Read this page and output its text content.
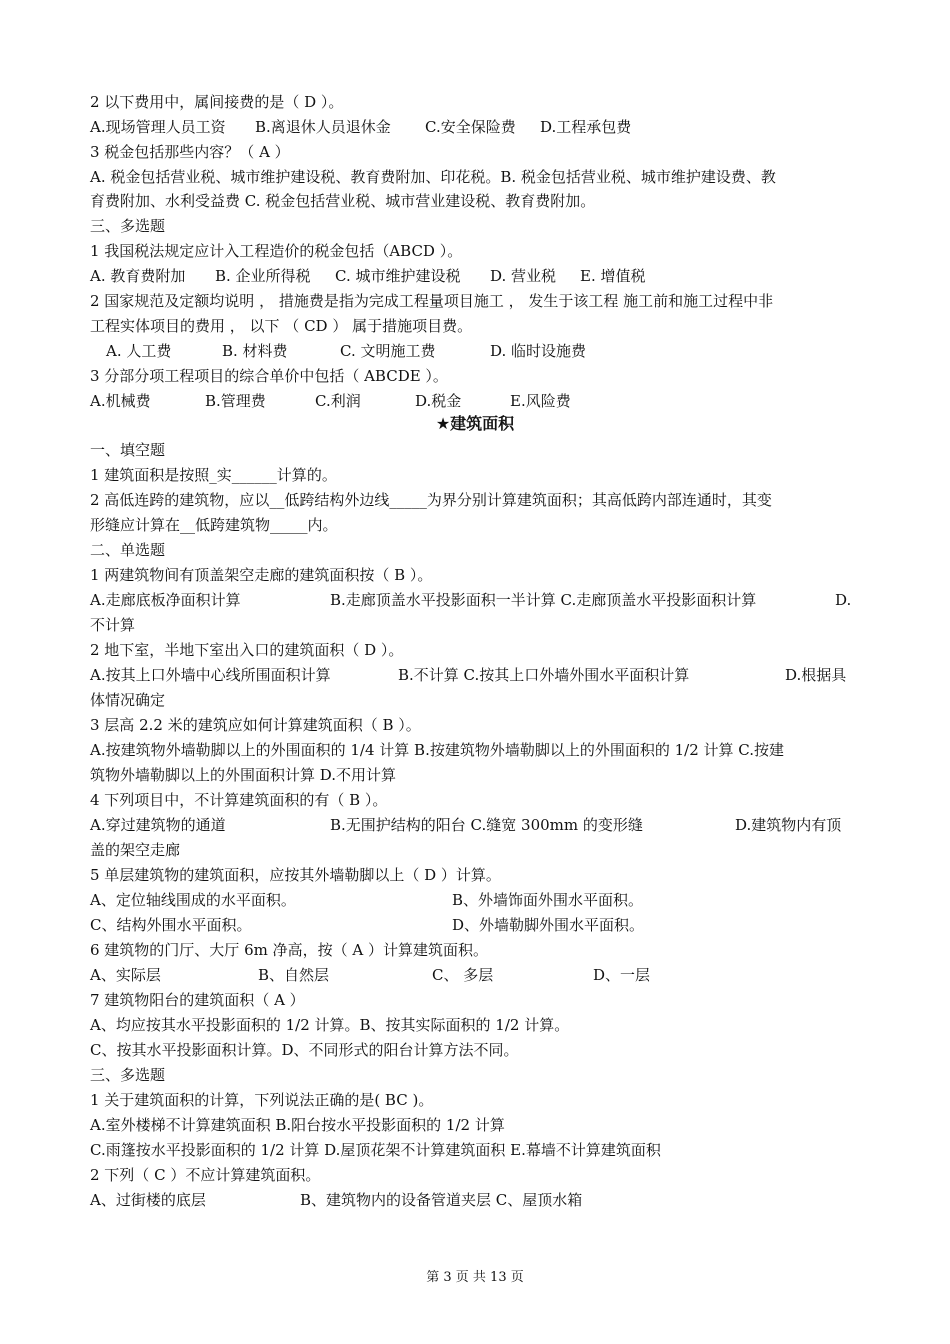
2 以下费用中，属间接费的是（ D ）。
A.现场管理人员工资 B.离退休人员退休金 C.安全保险费 D.工程承包费
3 税金包括那些内容？（ A ）
A. 税金包括营业税、城市维护建设税、教育费附加、印花税。B. 税金包括营业税、城市维护建设费、教
育费附加、水利受益费 C. 税金包括营业税、城市营业建设税、教育费附加。
三、多选题
1 我国税法规定应计入工程造价的税金包括（ABCD ）。
A. 教育费附加 B. 企业所得税 C. 城市维护建设税 D. 营业税 E. 增值税
2 国家规范及定额均说明 ， 措施费是指为完成工程量项目施工 ， 发生于该工程 施工前和施工过程中非
工程实体项目的费用 ， 以下 （ CD ） 属于措施项目费。
A. 人工费	B. 材料费	C. 文明施工费	D. 临时设施费
3 分部分项工程项目的综合单价中包括（ ABCDE ）。
A.机械费	B.管理费	C.利润	D.税金	E.风险费
★建筑面积
一、填空题
1 建筑面积是按照_实______计算的。
2 高低连跨的建筑物，应以__低跨结构外边线_____为界分别计算建筑面积；其高低跨内部连通时，其变
形缝应计算在__低跨建筑物_____内。
二、单选题
1 两建筑物间有顶盖架空走廊的建筑面积按（ B ）。
A.走廊底板净面积计算	B.走廊顶盖水平投影面积一半计算 C.走廊顶盖水平投影面积计算	D.
不计算
2 地下室，半地下室出入口的建筑面积（ D ）。
A.按其上口外墙中心线所围面积计算	B.不计算 C.按其上口外墙外围水平面积计算	D.根据具
体情况确定
3 层高 2.2 米的建筑应如何计算建筑面积（ B ）。
A.按建筑物外墙勒脚以上的外围面积的 1/4 计算 B.按建筑物外墙勒脚以上的外围面积的 1/2 计算 C.按建
筑物外墙勒脚以上的外围面积计算 D.不用计算
4 下列项目中，不计算建筑面积的有（ B ）。
A.穿过建筑物的通道	B.无围护结构的阳台 C.缝宽 300mm 的变形缝	D.建筑物内有顶
盖的架空走廊
5 单层建筑物的建筑面积，应按其外墙勒脚以上（ D ）计算。
A、定位轴线围成的水平面积。	B、外墙饰面外围水平面积。
C、结构外围水平面积。	D、外墙勒脚外围水平面积。
6 建筑物的门厅、大厅 6m 净高，按（ A ）计算建筑面积。
A、实际层	B、自然层	C、 多层	D、一层
7 建筑物阳台的建筑面积（ A ）
A、均应按其水平投影面积的 1/2 计算。B、按其实际面积的 1/2 计算。
C、按其水平投影面积计算。D、不同形式的阳台计算方法不同。
三、多选题
1 关于建筑面积的计算，下列说法正确的是( BC )。
A.室外楼梯不计算建筑面积 B.阳台按水平投影面积的 1/2 计算
C.雨篷按水平投影面积的 1/2 计算 D.屋顶花架不计算建筑面积 E.幕墙不计算建筑面积
2 下列（ C ）不应计算建筑面积。
A、过街楼的底层	B、建筑物内的设备管道夹层 C、屋顶水箱
第 3 页 共 13 页
